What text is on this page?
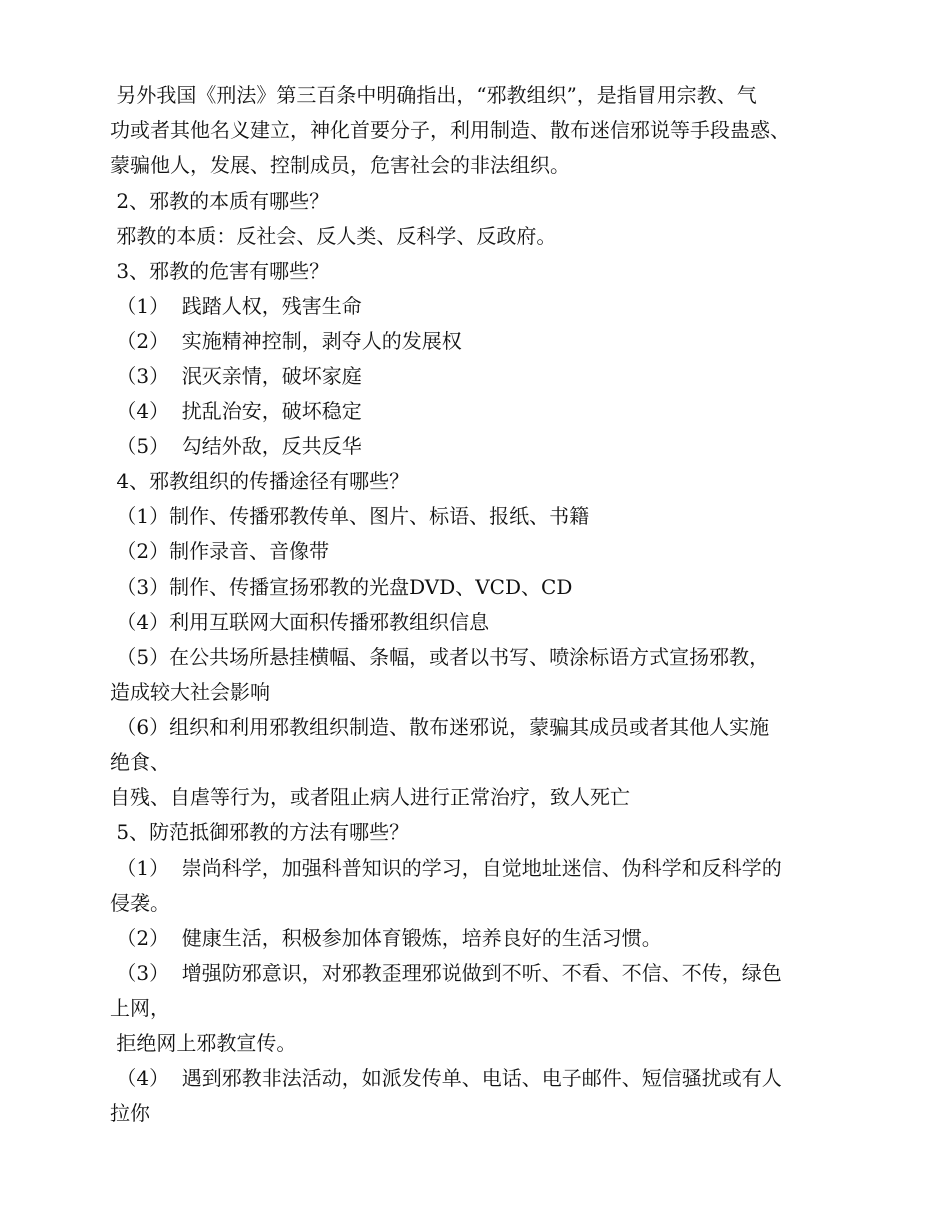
另外我国《刑法》第三百条中明确指出，“邪教组织”，是指冒用宗教、气

功或者其他名义建立，神化首要分子，利用制造、散布迷信邪说等手段蛊惑、

蒙骗他人，发展、控制成员，危害社会的非法组织。

2、邪教的本质有哪些？

邪教的本质：反社会、反人类、反科学、反政府。

3、邪教的危害有哪些？

（1）  践踏人权，残害生命

（2）  实施精神控制，剥夺人的发展权

（3）  泯灭亲情，破坏家庭

（4）  扰乱治安，破坏稳定

（5）  勾结外敌，反共反华

4、邪教组织的传播途径有哪些？

（1）制作、传播邪教传单、图片、标语、报纸、书籍

（2）制作录音、音像带

（3）制作、传播宣扬邪教的光盘DVD、VCD、CD

（4）利用互联网大面积传播邪教组织信息

（5）在公共场所悬挂横幅、条幅，或者以书写、喷涂标语方式宣扬邪教，

造成较大社会影响

（6）组织和利用邪教组织制造、散布迷邪说，蒙骗其成员或者其他人实施

绝食、

自残、自虐等行为，或者阻止病人进行正常治疗，致人死亡

5、防范抵御邪教的方法有哪些？

（1）  崇尚科学，加强科普知识的学习，自觉地址迷信、伪科学和反科学的

侵袭。

（2）  健康生活，积极参加体育锻炼，培养良好的生活习惯。

（3）  增强防邪意识，对邪教歪理邪说做到不听、不看、不信、不传，绿色

上网，

拒绝网上邪教宣传。

（4）  遇到邪教非法活动，如派发传单、电话、电子邮件、短信骚扰或有人

拉你
